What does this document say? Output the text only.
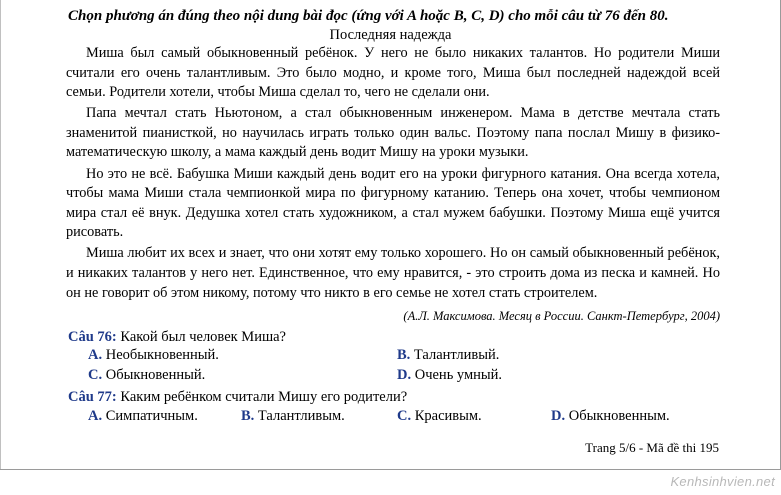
Chọn phương án đúng theo nội dung bài đọc (ứng với A hoặc B, C, D) cho mỗi câu từ 76 đến 80.
Последняя надежда

Миша был самый обыкновенный ребёнок. У него не было никаких талантов. Но родители Миши считали его очень талантливым. Это было модно, и кроме того, Миша был последней надеждой всей семьи. Родители хотели, чтобы Миша сделал то, чего не сделали они.

Папа мечтал стать Ньютоном, а стал обыкновенным инженером. Мама в детстве мечтала стать знаменитой пианисткой, но научилась играть только один вальс. Поэтому папа послал Мишу в физико-математическую школу, а мама каждый день водит Мишу на уроки музыки.

Но это не всё. Бабушка Миши каждый день водит его на уроки фигурного катания. Она всегда хотела, чтобы мама Миши стала чемпионкой мира по фигурному катанию. Теперь она хочет, чтобы чемпионом мира стал её внук. Дедушка хотел стать художником, а стал мужем бабушки. Поэтому Миша ещё учится рисовать.

Миша любит их всех и знает, что они хотят ему только хорошего. Но он самый обыкновенный ребёнок, и никаких талантов у него нет. Единственное, что ему нравится, - это строить дома из песка и камней. Но он не говорит об этом никому, потому что никто в его семье не хотел стать строителем.

(А.Л. Максимова. Месяц в России. Санкт-Петербург, 2004)
Câu 76: Какой был человек Миша?
A. Необыкновенный.	B. Талантливый.
C. Обыкновенный.	D. Очень умный.
Câu 77: Каким ребёнком считали Мишу его родители?
A. Симпатичным.	B. Талантливым.	C. Красивым.	D. Обыкновенным.
Trang 5/6 - Mã đề thi 195
Kenhsinhvien.net
